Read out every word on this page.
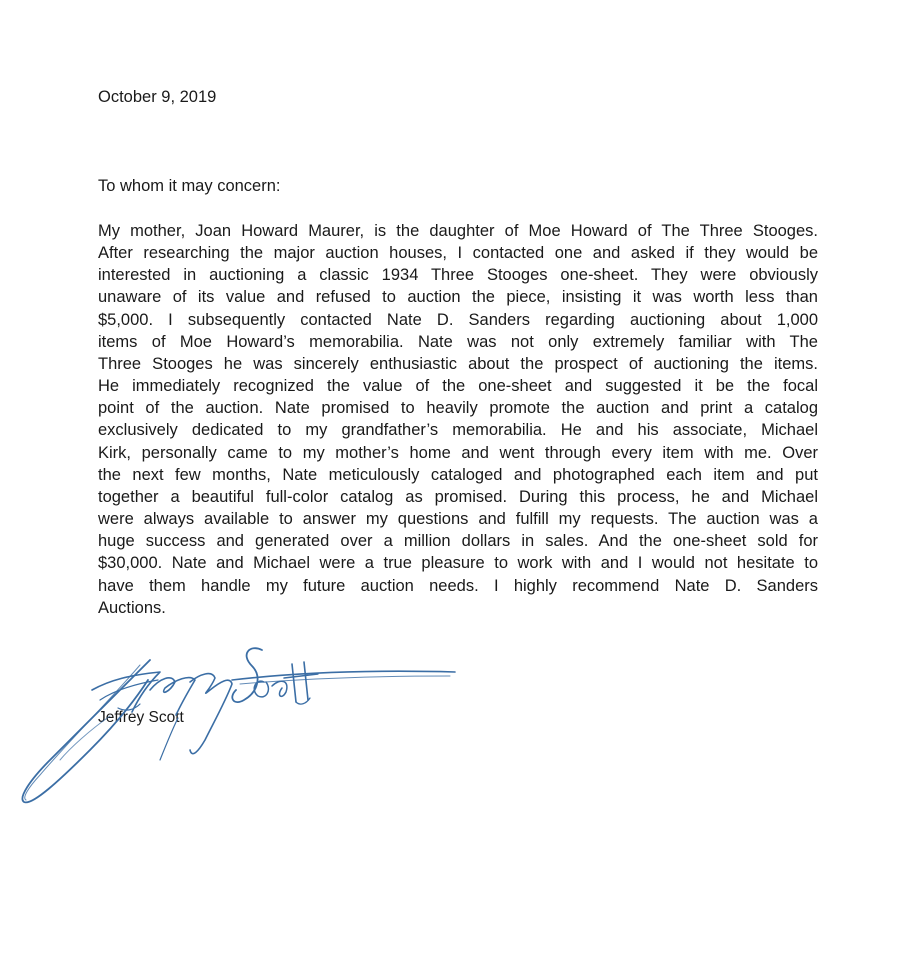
October 9, 2019
To whom it may concern:
My mother, Joan Howard Maurer, is the daughter of Moe Howard of The Three Stooges.
After researching the major auction houses, I contacted one and asked if they would be
interested in auctioning a classic 1934 Three Stooges one-sheet. They were obviously
unaware of its value and refused to auction the piece, insisting it was worth less than
$5,000. I subsequently contacted Nate D. Sanders regarding auctioning about 1,000
items of Moe Howard’s memorabilia. Nate was not only extremely familiar with The
Three Stooges he was sincerely enthusiastic about the prospect of auctioning the items.
He immediately recognized the value of the one-sheet and suggested it be the focal
point of the auction. Nate promised to heavily promote the auction and print a catalog
exclusively dedicated to my grandfather’s memorabilia. He and his associate, Michael
Kirk, personally came to my mother’s home and went through every item with me. Over
the next few months, Nate meticulously cataloged and photographed each item and put
together a beautiful full-color catalog as promised. During this process, he and Michael
were always available to answer my questions and fulfill my requests. The auction was a
huge success and generated over a million dollars in sales. And the one-sheet sold for
$30,000. Nate and Michael were a true pleasure to work with and I would not hesitate to
have them handle my future auction needs. I highly recommend Nate D. Sanders
Auctions.
Jeffrey Scott
